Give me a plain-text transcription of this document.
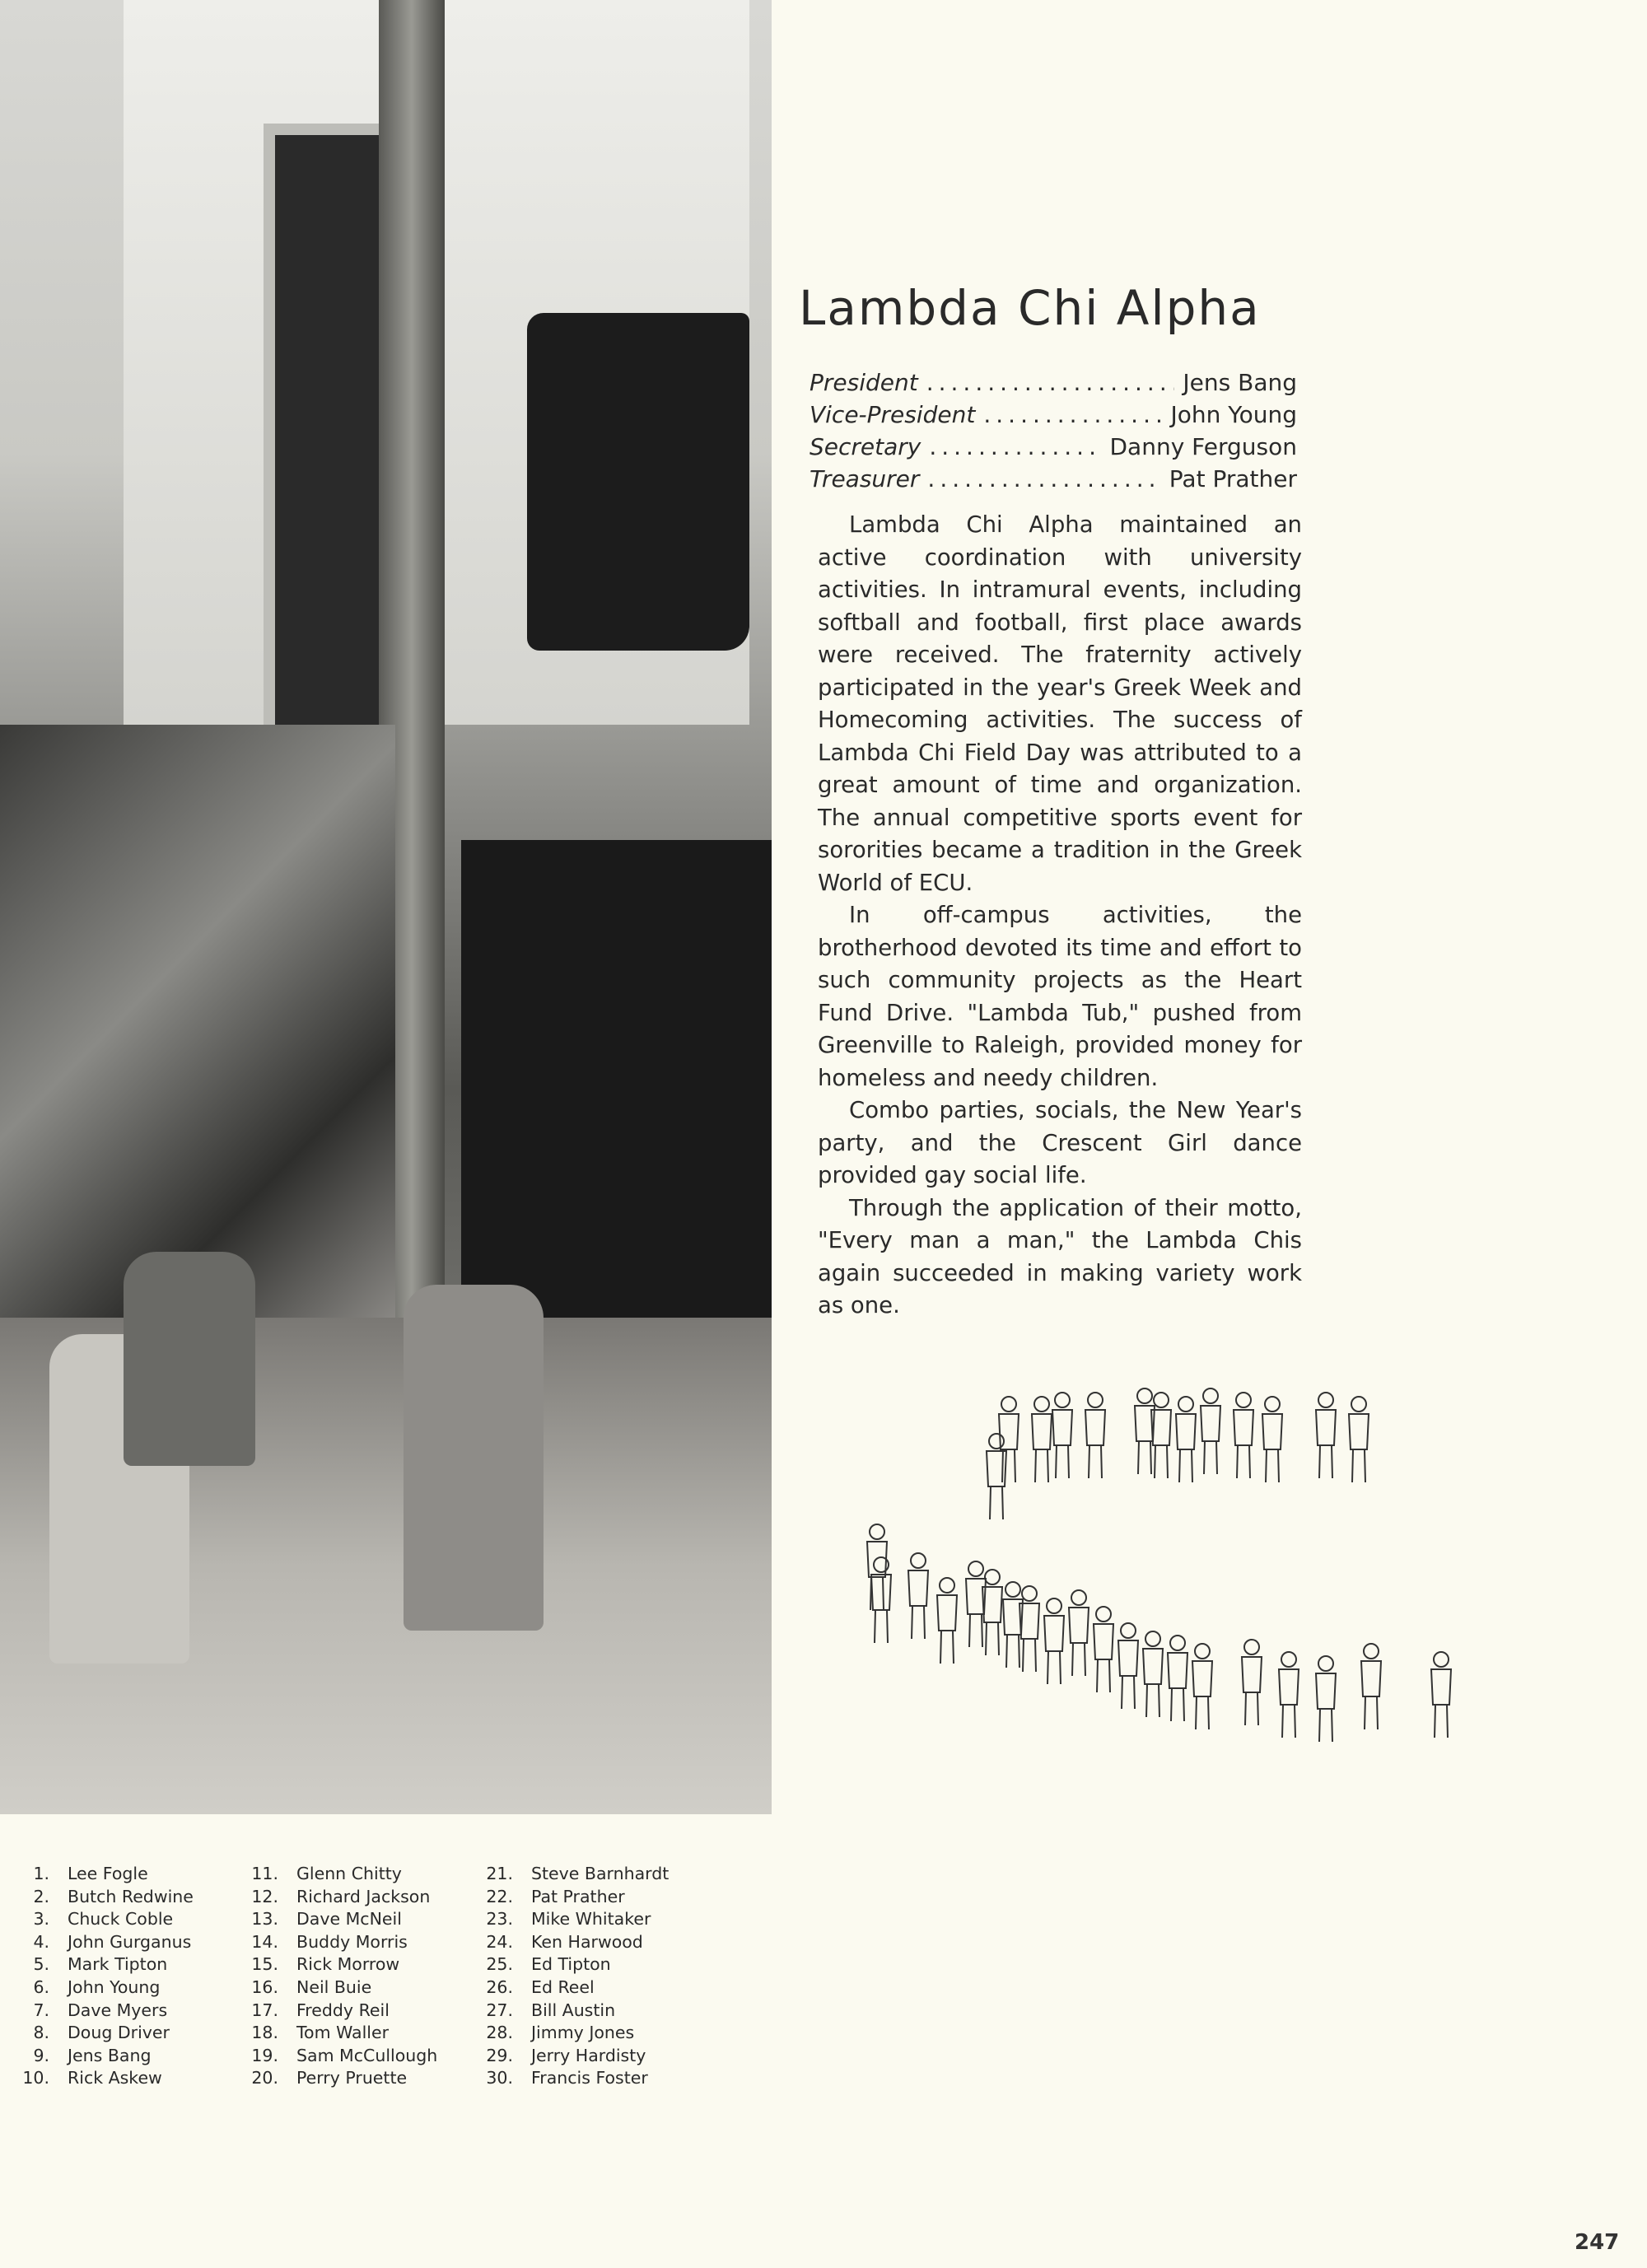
Lambda Chi Alpha
President .....	Jens Bang
Vice-President .....	John Young
Secretary .....	Danny Ferguson
Treasurer .....	Pat Prather

Lambda Chi Alpha maintained an active coordination with university activities. In intramural events, including softball and football, first place awards were received. The fraternity actively participated in the year's Greek Week and Homecoming activities. The success of Lambda Chi Field Day was attributed to a great amount of time and organization. The annual competitive sports event for sororities became a tradition in the Greek World of ECU.

In off-campus activities, the brotherhood devoted its time and effort to such community projects as the Heart Fund Drive. "Lambda Tub," pushed from Greenville to Raleigh, provided money for homeless and needy children.

Combo parties, socials, the New Year's party, and the Crescent Girl dance provided gay social life.

Through the application of their motto, "Every man a man," the Lambda Chis again succeeded in making variety work as one.

1. Lee Fogle
2. Butch Redwine
3. Chuck Coble
4. John Gurganus
5. Mark Tipton
6. John Young
7. Dave Myers
8. Doug Driver
9. Jens Bang
10. Rick Askew
11. Glenn Chitty
12. Richard Jackson
13. Dave McNeil
14. Buddy Morris
15. Rick Morrow
16. Neil Buie
17. Freddy Reil
18. Tom Waller
19. Sam McCullough
20. Perry Pruette
21. Steve Barnhardt
22. Pat Prather
23. Mike Whitaker
24. Ken Harwood
25. Ed Tipton
26. Ed Reel
27. Bill Austin
28. Jimmy Jones
29. Jerry Hardisty
30. Francis Foster
247
